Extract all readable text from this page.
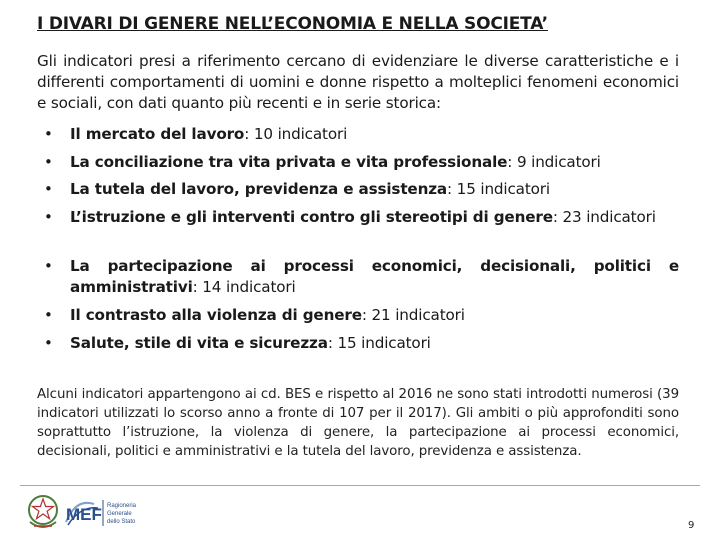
I DIVARI DI GENERE NELL’ECONOMIA E NELLA SOCIETA’

Gli indicatori presi a riferimento cercano di evidenziare le diverse caratteristiche e i differenti comportamenti di uomini e donne rispetto a molteplici fenomeni economici e sociali, con dati quanto più recenti e in serie storica:

• Il mercato del lavoro: 10 indicatori
• La conciliazione tra vita privata e vita professionale: 9 indicatori
• La tutela del lavoro, previdenza e assistenza: 15 indicatori
• L’istruzione e gli interventi contro gli stereotipi di genere: 23 indicatori
• La partecipazione ai processi economici, decisionali, politici e amministrativi: 14 indicatori
• Il contrasto alla violenza di genere: 21 indicatori
• Salute, stile di vita e sicurezza: 15 indicatori

Alcuni indicatori appartengono ai cd. BES e rispetto al 2016 ne sono stati introdotti numerosi (39 indicatori utilizzati lo scorso anno a fronte di 107 per il 2017). Gli ambiti o più approfonditi sono soprattutto l’istruzione, la violenza di genere, la partecipazione ai processi economici, decisionali, politici e amministrativi e la tutela del lavoro, previdenza e assistenza.

MEF Ragioneria
Generale
dello Stato	9
